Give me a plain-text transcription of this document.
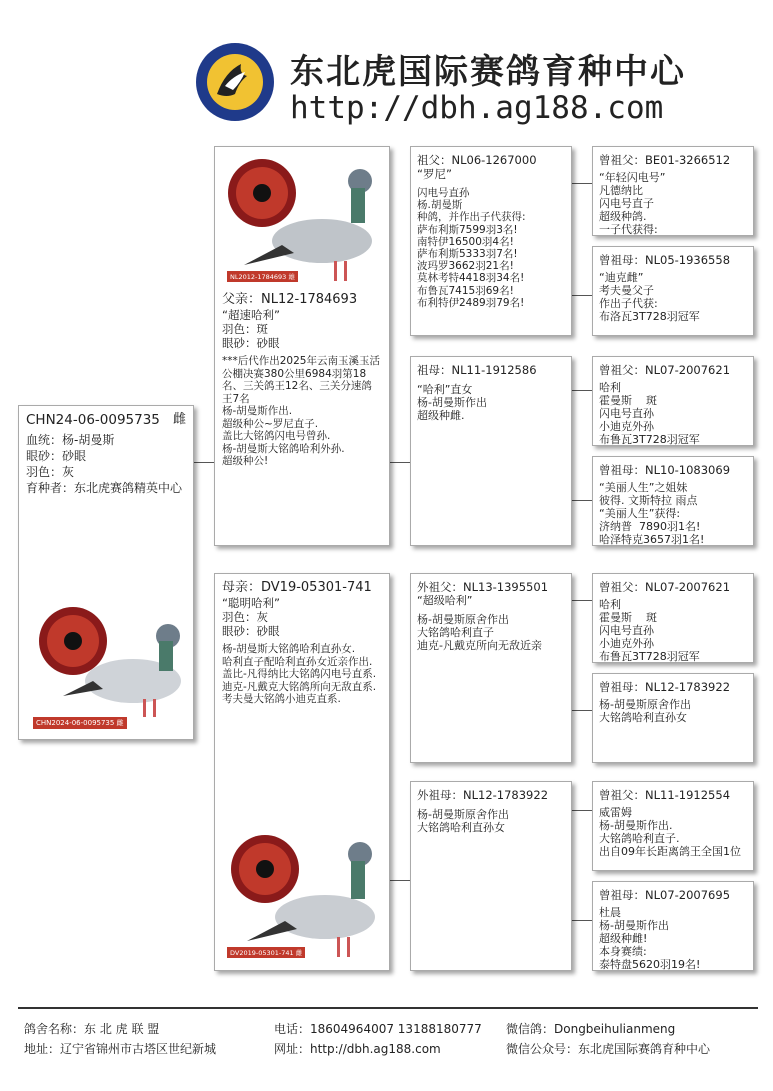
东北虎国际赛鸽育种中心
http://dbh.ag188.com
CHN24-06-0095735 雌
血统：杨-胡曼斯
眼砂：砂眼
羽色：灰
育种者：东北虎赛鸽精英中心
CHN2024-06-0095735 雌
NL2012-1784693 雄
父亲：NL12-1784693
“超速哈利”
羽色：斑
眼砂：砂眼
***后代作出2025年云南玉溪玉活公棚决赛380公里6984羽第18名、三关鸽王12名、三关分速鸽王7名
杨-胡曼斯作出.
超级种公~罗尼直子.
盖比大铭鸽闪电号曾孙.
杨-胡曼斯大铭鸽哈利外孙.
超级种公!
母亲：DV19-05301-741
“聪明哈利”
羽色：灰
眼砂：砂眼
杨-胡曼斯大铭鸽哈利直孙女.
哈利直子配哈利直孙女近亲作出.
盖比-凡得纳比大铭鸽闪电号直系.
迪克-凡戴克大铭鸽所向无敌直系.
考夫曼大铭鸽小迪克直系.
DV2019-05301-741 雌
祖父：NL06-1267000
“罗尼”
闪电号直孙
杨.胡曼斯
种鸽，并作出子代获得:
萨布利斯7599羽3名!
南特伊16500羽4名!
萨布利斯5333羽7名!
波玛罗3662羽21名!
莫林考特4418羽34名!
布鲁瓦7415羽69名!
布利特伊2489羽79名!
祖母：NL11-1912586
“哈利”直女
杨-胡曼斯作出
超级种雌.
外祖父：NL13-1395501
“超级哈利”
杨-胡曼斯原舍作出
大铭鸽哈利直子
迪克-凡戴克所向无敌近亲
外祖母：NL12-1783922
杨-胡曼斯原舍作出
大铭鸽哈利直孙女
曾祖父：BE01-3266512
“年轻闪电号”
凡德纳比
闪电号直子
超级种鸽.
一子代获得:
曾祖母：NL05-1936558
“迪克雌”
考夫曼父子
作出子代获:
布洛瓦3T728羽冠军
曾祖父：NL07-2007621
哈利
霍曼斯    斑
闪电号直孙
小迪克外孙
布鲁瓦3T728羽冠军
曾祖母：NL10-1083069
“美丽人生”之姐妹
彼得. 文斯特拉 雨点
“美丽人生”获得:
济纳普  7890羽1名!
哈泽特克3657羽1名!
曾祖父：NL07-2007621
哈利
霍曼斯    斑
闪电号直孙
小迪克外孙
布鲁瓦3T728羽冠军
曾祖母：NL12-1783922
杨-胡曼斯原舍作出
大铭鸽哈利直孙女
曾祖父：NL11-1912554
威雷姆
杨-胡曼斯作出.
大铭鸽哈利直子.
出自09年长距离鸽王全国1位
曾祖母：NL07-2007695
杜晨
杨-胡曼斯作出
超级种雌!
本身赛绩:
泰特盘5620羽19名!
鸽舍名称：东 北 虎 联 盟
地址：辽宁省锦州市古塔区世纪新城
电话：18604964007 13188180777
网址：http://dbh.ag188.com
微信鸽：Dongbeihulianmeng
微信公众号：东北虎国际赛鸽育种中心
